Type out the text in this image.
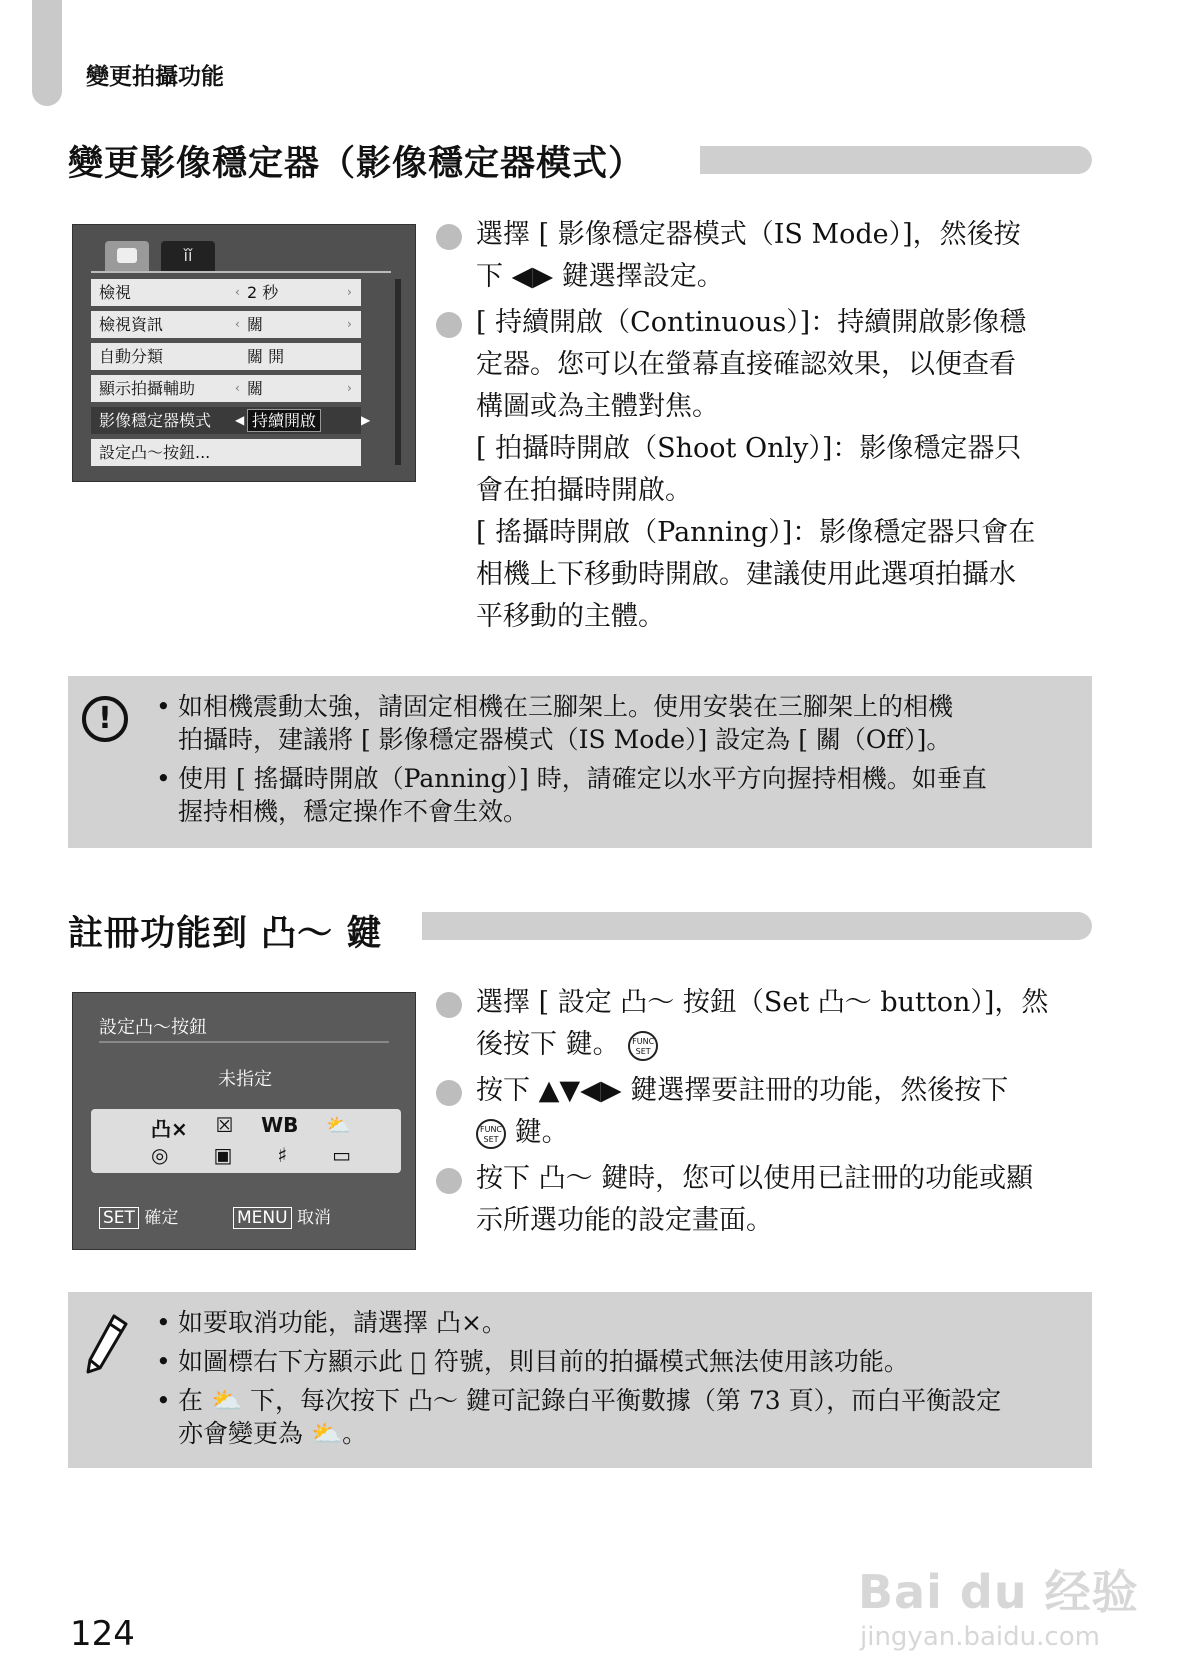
變更拍攝功能
變更影像穩定器（影像穩定器模式）
ǐǐ
檢視	‹ 2 秒	›
檢視資訊	‹ 關	›
自動分類	關 開
顯示拍攝輔助	‹ 關	›
影像穩定器模式 ◀ 持續開啟	▶
設定凸〜按鈕...
選擇 [ 影像穩定器模式（IS Mode）]，然後按
下 ◀▶ 鍵選擇設定。
[ 持續開啟（Continuous）]：持續開啟影像穩
定器。您可以在螢幕直接確認效果，以便查看
構圖或為主體對焦。
[ 拍攝時開啟（Shoot Only）]：影像穩定器只
會在拍攝時開啟。
[ 搖攝時開啟（Panning）]：影像穩定器只會在
相機上下移動時開啟。建議使用此選項拍攝水
平移動的主體。
!	• 如相機震動太強，請固定相機在三腳架上。使用安裝在三腳架上的相機
拍攝時，建議將 [ 影像穩定器模式（IS Mode）] 設定為 [ 關（Off）]。
• 使用 [ 搖攝時開啟（Panning）] 時，請確定以水平方向握持相機。如垂直
握持相機，穩定操作不會生效。
註冊功能到 凸〜 鍵
設定凸〜按鈕
未指定
凸× ☒ WB ⛅
◎ ▣ ♯ ▭
SET 確定	MENU 取消
選擇 [ 設定 凸〜 按鈕（Set 凸〜 button）]，然
後按下 鍵。 FUNC
SET
按下 ▲▼◀▶ 鍵選擇要註冊的功能，然後按下
FUNC
SET 鍵。
按下 凸〜 鍵時，您可以使用已註冊的功能或顯
示所選功能的設定畫面。
• 如要取消功能，請選擇 凸×。
• 如圖標右下方顯示此 ⃠ 符號，則目前的拍攝模式無法使用該功能。
• 在 ⛅ 下，每次按下 凸〜 鍵可記錄白平衡數據（第 73 頁），而白平衡設定
亦會變更為 ⛅。
124
Bai du 经验
jingyan.baidu.com
